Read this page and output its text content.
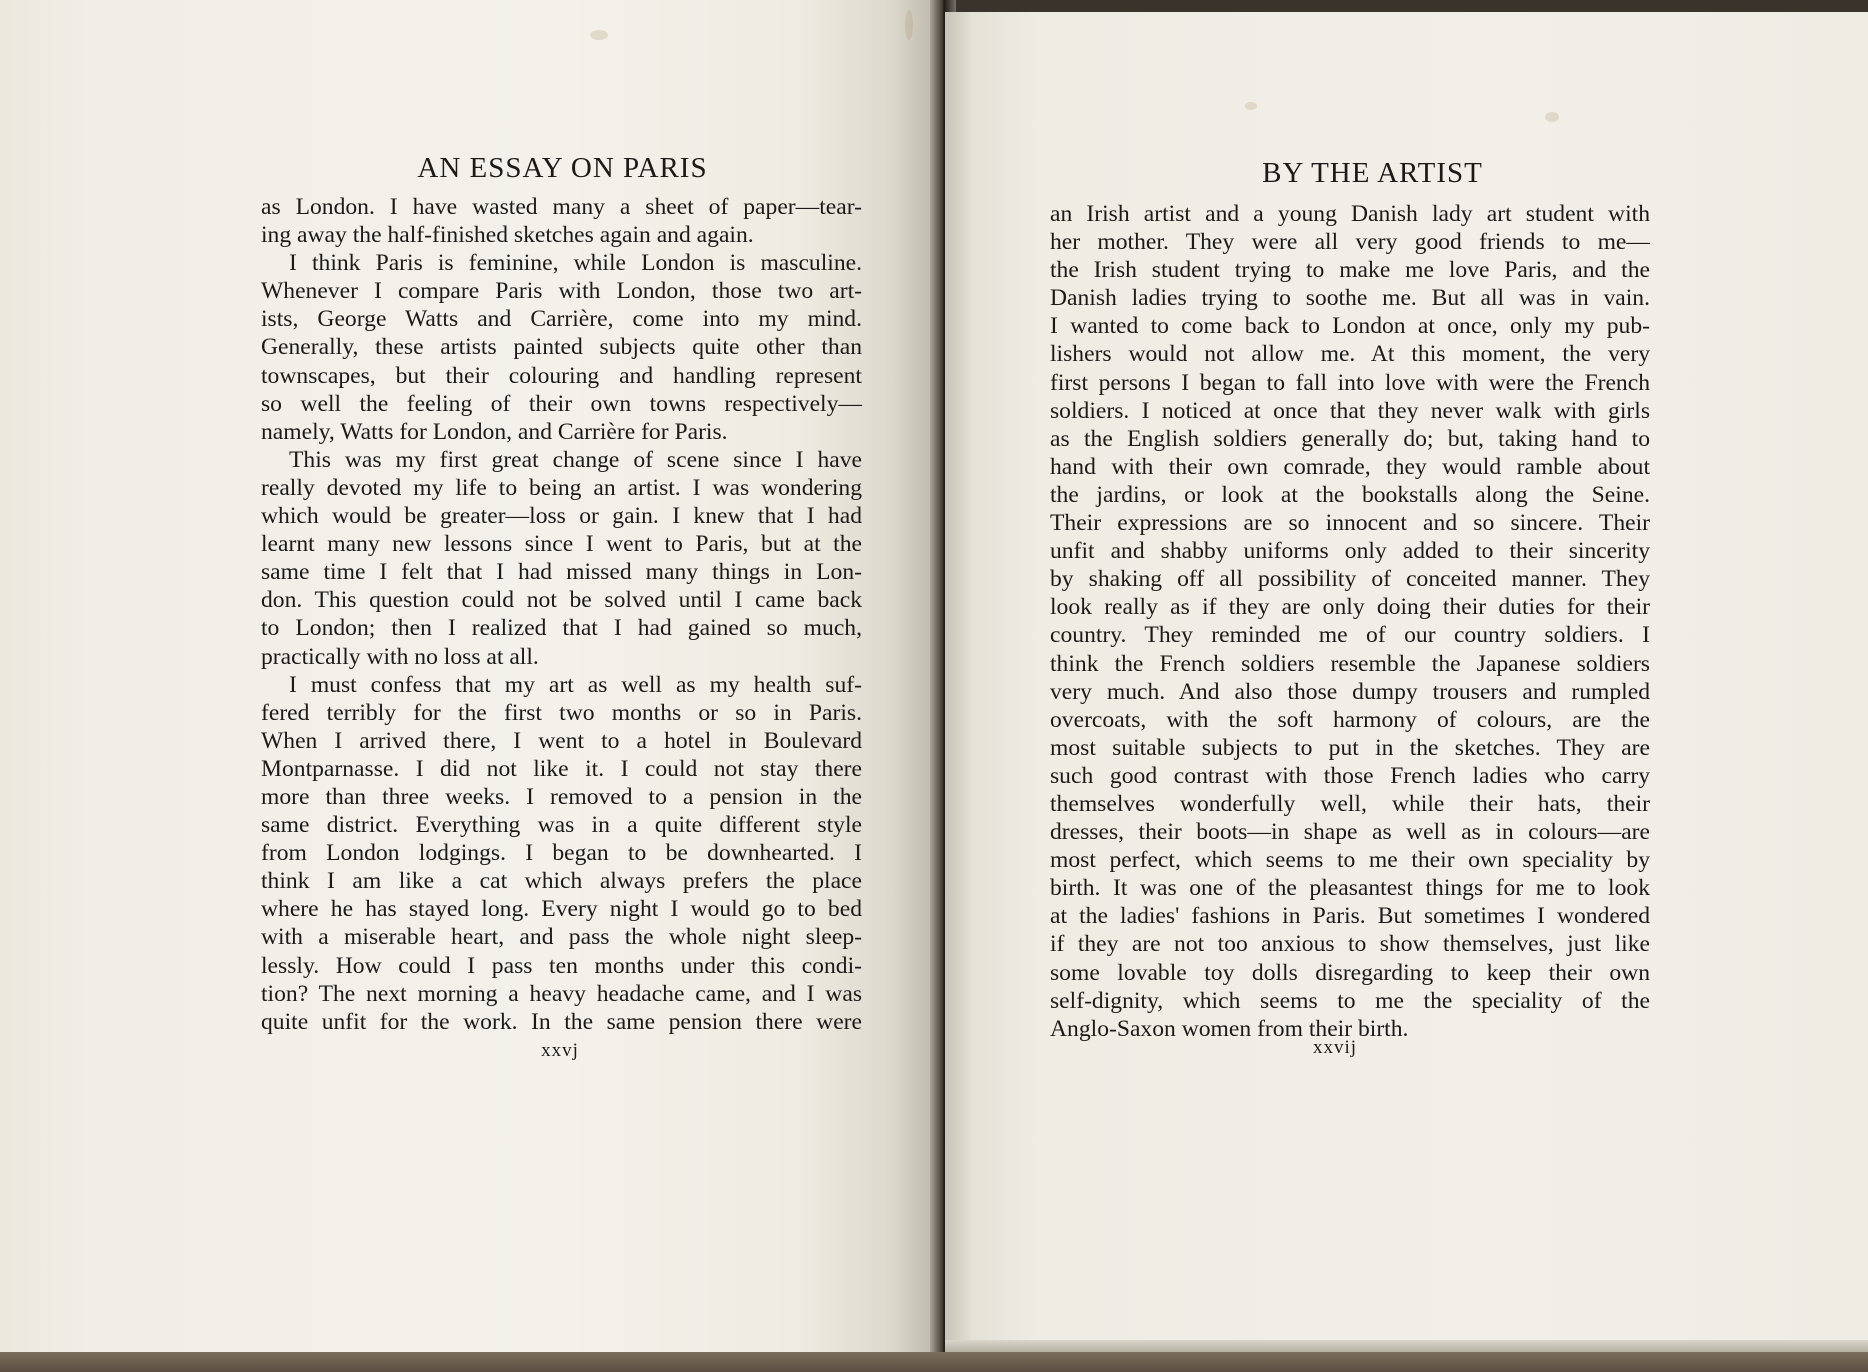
AN ESSAY ON PARIS
as London. I have wasted many a sheet of paper—tear-
ing away the half-finished sketches again and again.
I think Paris is feminine, while London is masculine.
Whenever I compare Paris with London, those two art-
ists, George Watts and Carrière, come into my mind.
Generally, these artists painted subjects quite other than
townscapes, but their colouring and handling represent
so well the feeling of their own towns respectively—
namely, Watts for London, and Carrière for Paris.
This was my first great change of scene since I have
really devoted my life to being an artist. I was wondering
which would be greater—loss or gain. I knew that I had
learnt many new lessons since I went to Paris, but at the
same time I felt that I had missed many things in Lon-
don. This question could not be solved until I came back
to London; then I realized that I had gained so much,
practically with no loss at all.
I must confess that my art as well as my health suf-
fered terribly for the first two months or so in Paris.
When I arrived there, I went to a hotel in Boulevard
Montparnasse. I did not like it. I could not stay there
more than three weeks. I removed to a pension in the
same district. Everything was in a quite different style
from London lodgings. I began to be downhearted. I
think I am like a cat which always prefers the place
where he has stayed long. Every night I would go to bed
with a miserable heart, and pass the whole night sleep-
lessly. How could I pass ten months under this condi-
tion? The next morning a heavy headache came, and I was
quite unfit for the work. In the same pension there were
xxvj
BY THE ARTIST
an Irish artist and a young Danish lady art student with
her mother. They were all very good friends to me—
the Irish student trying to make me love Paris, and the
Danish ladies trying to soothe me. But all was in vain.
I wanted to come back to London at once, only my pub-
lishers would not allow me. At this moment, the very
first persons I began to fall into love with were the French
soldiers. I noticed at once that they never walk with girls
as the English soldiers generally do; but, taking hand to
hand with their own comrade, they would ramble about
the jardins, or look at the bookstalls along the Seine.
Their expressions are so innocent and so sincere. Their
unfit and shabby uniforms only added to their sincerity
by shaking off all possibility of conceited manner. They
look really as if they are only doing their duties for their
country. They reminded me of our country soldiers. I
think the French soldiers resemble the Japanese soldiers
very much. And also those dumpy trousers and rumpled
overcoats, with the soft harmony of colours, are the
most suitable subjects to put in the sketches. They are
such good contrast with those French ladies who carry
themselves wonderfully well, while their hats, their
dresses, their boots—in shape as well as in colours—are
most perfect, which seems to me their own speciality by
birth. It was one of the pleasantest things for me to look
at the ladies' fashions in Paris. But sometimes I wondered
if they are not too anxious to show themselves, just like
some lovable toy dolls disregarding to keep their own
self-dignity, which seems to me the speciality of the
Anglo-Saxon women from their birth.
xxvij
